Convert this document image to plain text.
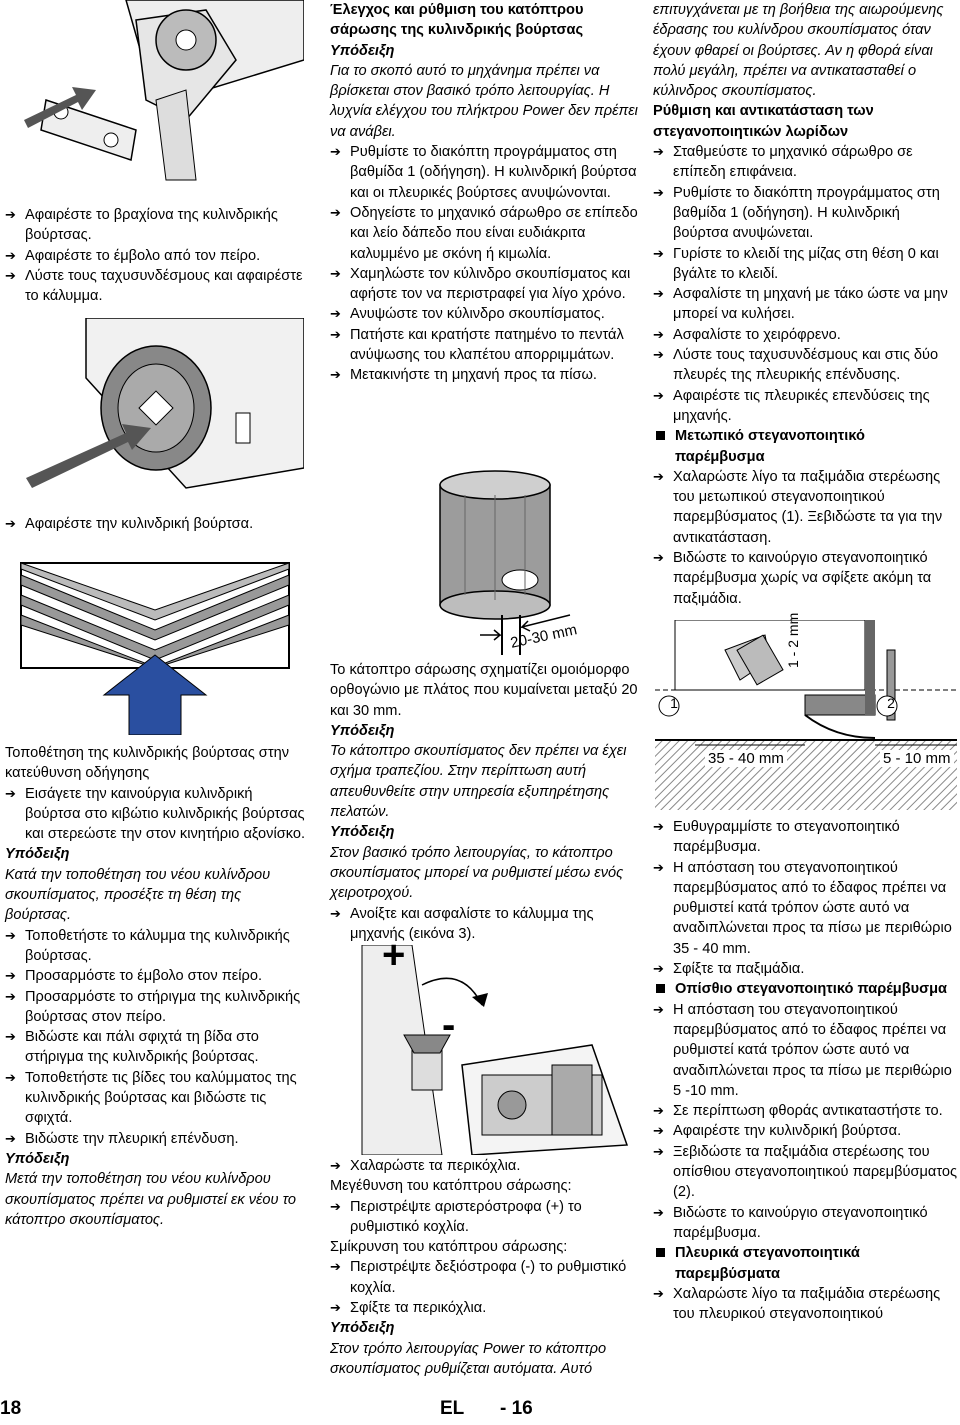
➔ Αφαιρέστε το βραχίονα της κυλινδρικής βούρτσας.
➔ Αφαιρέστε το έμβολο από τον πείρο.
➔ Λύστε τους ταχυσυνδέσμους και αφαιρέστε το κάλυμμα.
➔ Αφαιρέστε την κυλινδρική βούρτσα.
Τοποθέτηση της κυλινδρικής βούρτσας στην κατεύθυνση οδήγησης
➔ Εισάγετε την καινούργια κυλινδρική βούρτσα στο κιβώτιο κυλινδρικής βούρτσας και στερεώστε την στον κινητήριο αξονίσκο.
Υπόδειξη
Κατά την τοποθέτηση του νέου κυλίνδρου σκουπίσματος, προσέξτε τη θέση της βούρτσας.
➔ Τοποθετήστε το κάλυμμα της κυλινδρικής βούρτσας.
➔ Προσαρμόστε το έμβολο στον πείρο.
➔ Προσαρμόστε το στήριγμα της κυλινδρικής βούρτσας στον πείρο.
➔ Βιδώστε και πάλι σφιχτά τη βίδα στο στήριγμα της κυλινδρικής βούρτσας.
➔ Τοποθετήστε τις βίδες του καλύμματος της κυλινδρικής βούρτσας και βιδώστε τις σφιχτά.
➔ Βιδώστε την πλευρική επένδυση.
Υπόδειξη
Μετά την τοποθέτηση του νέου κυλίνδρου σκουπίσματος πρέπει να ρυθμιστεί εκ νέου το κάτοπτρο σκουπίσματος.
Έλεγχος και ρύθμιση του κατόπτρου σάρωσης της κυλινδρικής βούρτσας
Υπόδειξη
Για το σκοπό αυτό το μηχάνημα πρέπει να βρίσκεται στον βασικό τρόπο λειτουργίας. Η λυχνία ελέγχου του πλήκτρου Power δεν πρέπει να ανάβει.
➔ Ρυθμίστε το διακόπτη προγράμματος στη βαθμίδα 1 (οδήγηση). Η κυλινδρική βούρτσα και οι πλευρικές βούρτσες ανυψώνονται.
➔ Οδηγείστε το μηχανικό σάρωθρο σε επίπεδο και λείο δάπεδο που είναι ευδιάκριτα καλυμμένο με σκόνη ή κιμωλία.
➔ Χαμηλώστε τον κύλινδρο σκουπίσματος και αφήστε τον να περιστραφεί για λίγο χρόνο.
➔ Ανυψώστε τον κύλινδρο σκουπίσματος.
➔ Πατήστε και κρατήστε πατημένο το πεντάλ ανύψωσης του κλαπέτου απορριμμάτων.
➔ Μετακινήστε τη μηχανή προς τα πίσω.
20-30 mm
Το κάτοπτρο σάρωσης σχηματίζει ομοιόμορφο ορθογώνιο με πλάτος που κυμαίνεται μεταξύ 20 και 30 mm.
Υπόδειξη
Το κάτοπτρο σκουπίσματος δεν πρέπει να έχει σχήμα τραπεζίου. Στην περίπτωση αυτή απευθυνθείτε στην υπηρεσία εξυπηρέτησης πελατών.
Υπόδειξη
Στον βασικό τρόπο λειτουργίας, το κάτοπτρο σκουπίσματος μπορεί να ρυθμιστεί μέσω ενός χειροτροχού.
➔ Ανοίξτε και ασφαλίστε το κάλυμμα της μηχανής (εικόνα 3).
+
-
➔ Χαλαρώστε τα περικόχλια.
Μεγέθυνση του κατόπτρου σάρωσης:
➔ Περιστρέψτε αριστερόστροφα (+) το ρυθμιστικό κοχλία.
Σμίκρυνση του κατόπτρου σάρωσης:
➔ Περιστρέψτε δεξιόστροφα (-) το ρυθμιστικό κοχλία.
➔ Σφίξτε τα περικόχλια.
Υπόδειξη
Στον τρόπο λειτουργίας Power το κάτοπτρο σκουπίσματος ρυθμίζεται αυτόματα. Αυτό
επιτυγχάνεται με τη βοήθεια της αιωρούμενης έδρασης του κυλίνδρου σκουπίσματος όταν έχουν φθαρεί οι βούρτσες. Αν η φθορά είναι πολύ μεγάλη, πρέπει να αντικατασταθεί ο κύλινδρος σκουπίσματος.
Ρύθμιση και αντικατάσταση των στεγανοποιητικών λωρίδων
➔ Σταθμεύστε το μηχανικό σάρωθρο σε επίπεδη επιφάνεια.
➔ Ρυθμίστε το διακόπτη προγράμματος στη βαθμίδα 1 (οδήγηση). Η κυλινδρική βούρτσα ανυψώνεται.
➔ Γυρίστε το κλειδί της μίζας στη θέση 0 και βγάλτε το κλειδί.
➔ Ασφαλίστε τη μηχανή με τάκο ώστε να μην μπορεί να κυλήσει.
➔ Ασφαλίστε το χειρόφρενο.
➔ Λύστε τους ταχυσυνδέσμους και στις δύο πλευρές της πλευρικής επένδυσης.
➔ Αφαιρέστε τις πλευρικές επενδύσεις της μηχανής.
Μετωπικό στεγανοποιητικό παρέμβυσμα
➔ Χαλαρώστε λίγο τα παξιμάδια στερέωσης του μετωπικού στεγανοποιητικού παρεμβύσματος (1). Ξεβιδώστε τα για την αντικατάσταση.
➔ Βιδώστε το καινούργιο στεγανοποιητικό παρέμβυσμα χωρίς να σφίξετε ακόμη τα παξιμάδια.
1	2
1 - 2 mm
35 - 40 mm	5 - 10 mm
➔ Ευθυγραμμίστε το στεγανοποιητικό παρέμβυσμα.
➔ Η απόσταση του στεγανοποιητικού παρεμβύσματος από το έδαφος πρέπει να ρυθμιστεί κατά τρόπον ώστε αυτό να αναδιπλώνεται προς τα πίσω με περιθώριο 35 - 40 mm.
➔ Σφίξτε τα παξιμάδια.
Οπίσθιο στεγανοποιητικό παρέμβυσμα
➔ Η απόσταση του στεγανοποιητικού παρεμβύσματος από το έδαφος πρέπει να ρυθμιστεί κατά τρόπον ώστε αυτό να αναδιπλώνεται προς τα πίσω με περιθώριο 5 -10 mm.
➔ Σε περίπτωση φθοράς αντικαταστήστε το.
➔ Αφαιρέστε την κυλινδρική βούρτσα.
➔ Ξεβιδώστε τα παξιμάδια στερέωσης του οπίσθιου στεγανοποιητικού παρεμβύσματος (2).
➔ Βιδώστε το καινούργιο στεγανοποιητικό παρέμβυσμα.
Πλευρικά στεγανοποιητικά παρεμβύσματα
➔ Χαλαρώστε λίγο τα παξιμάδια στερέωσης του πλευρικού στεγανοποιητικού
18	EL - 16
